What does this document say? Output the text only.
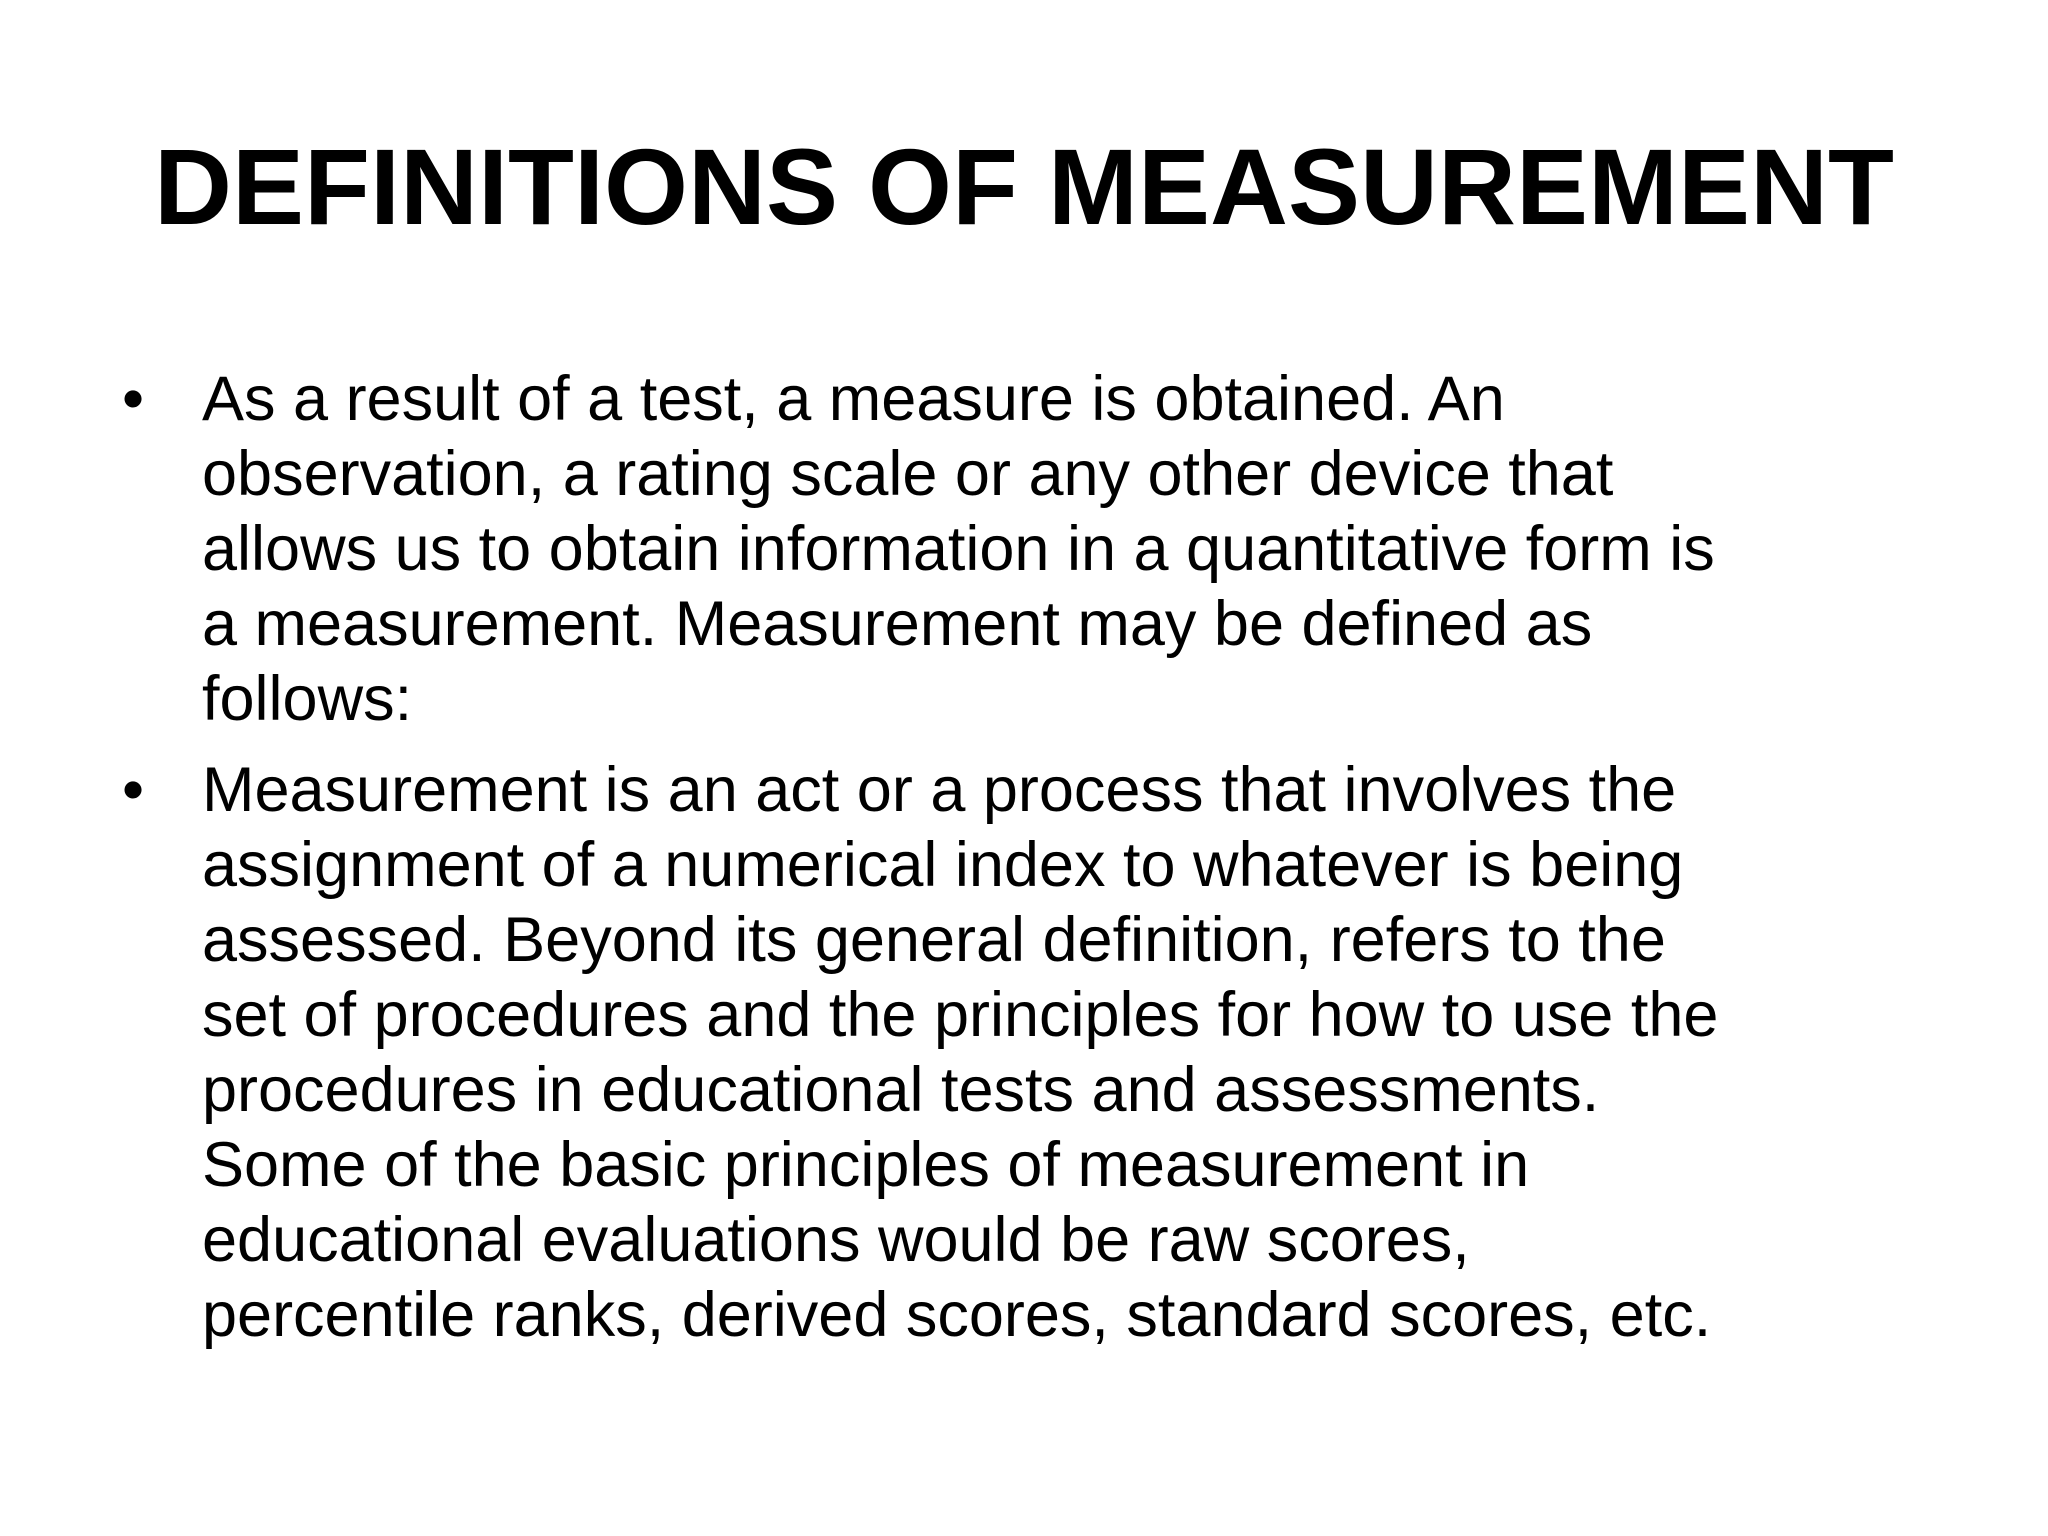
DEFINITIONS OF MEASUREMENT
• As a result of a test, a measure is obtained. An
observation, a rating scale or any other device that
allows us to obtain information in a quantitative form is
a measurement. Measurement may be defined as
follows:
• Measurement is an act or a process that involves the
assignment of a numerical index to whatever is being
assessed. Beyond its general definition, refers to the
set of procedures and the principles for how to use the
procedures in educational tests and assessments.
Some of the basic principles of measurement in
educational evaluations would be raw scores,
percentile ranks, derived scores, standard scores, etc.
